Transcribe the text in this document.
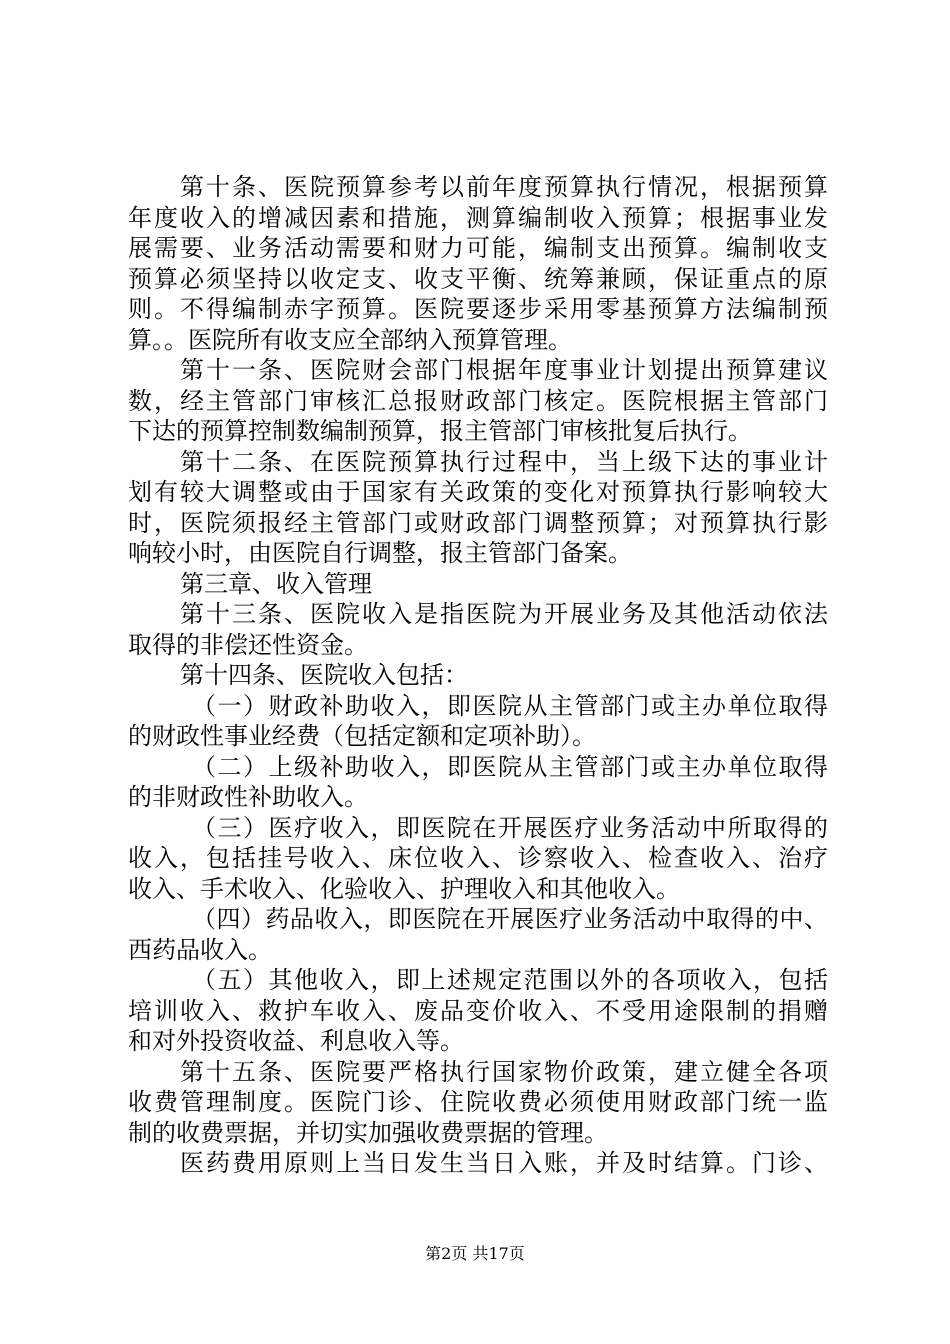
第十条、医院预算参考以前年度预算执行情况，根据预算
年度收入的增减因素和措施，测算编制收入预算；根据事业发
展需要、业务活动需要和财力可能，编制支出预算。编制收支
预算必须坚持以收定支、收支平衡、统筹兼顾，保证重点的原
则。不得编制赤字预算。医院要逐步采用零基预算方法编制预
算。。医院所有收支应全部纳入预算管理。
第十一条、医院财会部门根据年度事业计划提出预算建议
数，经主管部门审核汇总报财政部门核定。医院根据主管部门
下达的预算控制数编制预算，报主管部门审核批复后执行。
第十二条、在医院预算执行过程中，当上级下达的事业计
划有较大调整或由于国家有关政策的变化对预算执行影响较大
时，医院须报经主管部门或财政部门调整预算；对预算执行影
响较小时，由医院自行调整，报主管部门备案。
第三章、收入管理
第十三条、医院收入是指医院为开展业务及其他活动依法
取得的非偿还性资金。
第十四条、医院收入包括：
（一）财政补助收入，即医院从主管部门或主办单位取得
的财政性事业经费（包括定额和定项补助）。
（二）上级补助收入，即医院从主管部门或主办单位取得
的非财政性补助收入。
（三）医疗收入，即医院在开展医疗业务活动中所取得的
收入，包括挂号收入、床位收入、诊察收入、检查收入、治疗
收入、手术收入、化验收入、护理收入和其他收入。
（四）药品收入，即医院在开展医疗业务活动中取得的中、
西药品收入。
（五）其他收入，即上述规定范围以外的各项收入，包括
培训收入、救护车收入、废品变价收入、不受用途限制的捐赠
和对外投资收益、利息收入等。
第十五条、医院要严格执行国家物价政策，建立健全各项
收费管理制度。医院门诊、住院收费必须使用财政部门统一监
制的收费票据，并切实加强收费票据的管理。
医药费用原则上当日发生当日入账，并及时结算。门诊、
第2页 共17页
